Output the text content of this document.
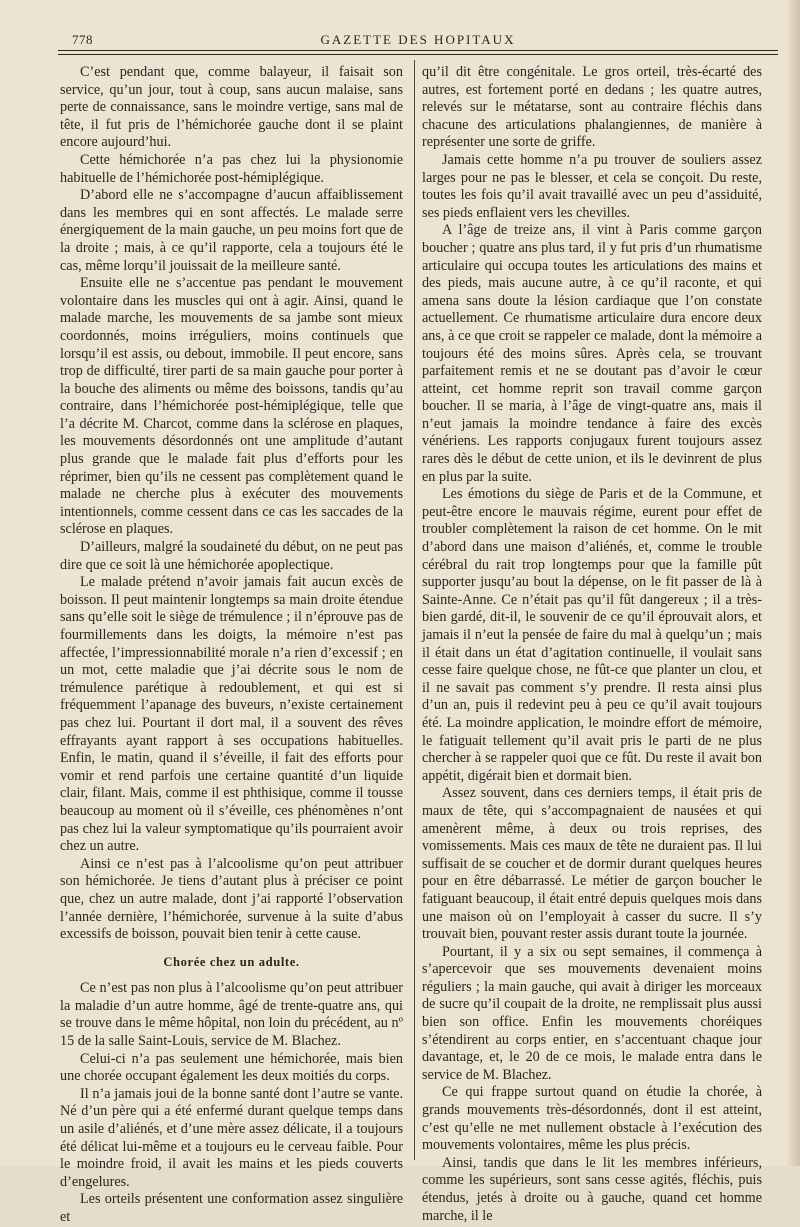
778	GAZETTE DES HOPITAUX

C’est pendant que, comme balayeur, il faisait son service, qu’un jour, tout à coup, sans aucun malaise, sans perte de connaissance, sans le moindre vertige, sans mal de tête, il fut pris de l’hémichorée gauche dont il se plaint encore aujourd’hui.

Cette hémichorée n’a pas chez lui la physionomie habituelle de l’hémichorée post-hémiplégique.

D’abord elle ne s’accompagne d’aucun affaiblissement dans les membres qui en sont affectés. Le malade serre énergiquement de la main gauche, un peu moins fort que de la droite ; mais, à ce qu’il rapporte, cela a toujours été le cas, même lorqu’il jouissait de la meilleure santé.

Ensuite elle ne s’accentue pas pendant le mouvement volontaire dans les muscles qui ont à agir. Ainsi, quand le malade marche, les mouvements de sa jambe sont mieux coordonnés, moins irréguliers, moins continuels que lorsqu’il est assis, ou debout, immobile. Il peut encore, sans trop de difficulté, tirer parti de sa main gauche pour porter à la bouche des aliments ou même des boissons, tandis qu’au contraire, dans l’hémichorée post-hémiplégique, telle que l’a décrite M. Charcot, comme dans la sclérose en plaques, les mouvements désordonnés ont une amplitude d’autant plus grande que le malade fait plus d’efforts pour les réprimer, bien qu’ils ne cessent pas complètement quand le malade ne cherche plus à exécuter des mouvements intentionnels, comme cessent dans ce cas les saccades de la sclérose en plaques.

D’ailleurs, malgré la soudaineté du début, on ne peut pas dire que ce soit là une hémichorée apoplectique.

Le malade prétend n’avoir jamais fait aucun excès de boisson. Il peut maintenir longtemps sa main droite étendue sans qu’elle soit le siège de trémulence ; il n’éprouve pas de fourmillements dans les doigts, la mémoire n’est pas affectée, l’impressionnabilité morale n’a rien d’excessif ; en un mot, cette maladie que j’ai décrite sous le nom de trémulence parétique à redoublement, et qui est si fréquemment l’apanage des buveurs, n’existe certainement pas chez lui. Pourtant il dort mal, il a souvent des rêves effrayants ayant rapport à ses occupations habituelles. Enfin, le matin, quand il s’éveille, il fait des efforts pour vomir et rend parfois une certaine quantité d’un liquide clair, filant. Mais, comme il est phthisique, comme il tousse beaucoup au moment où il s’éveille, ces phénomènes n’ont pas chez lui la valeur symptomatique qu’ils pourraient avoir chez un autre.

Ainsi ce n’est pas à l’alcoolisme qu’on peut attribuer son hémichorée. Je tiens d’autant plus à préciser ce point que, chez un autre malade, dont j’ai rapporté l’observation l’année dernière, l’hémichorée, survenue à la suite d’abus excessifs de boisson, pouvait bien tenir à cette cause.

Chorée chez un adulte.

Ce n’est pas non plus à l’alcoolisme qu’on peut attribuer la maladie d’un autre homme, âgé de trente-quatre ans, qui se trouve dans le même hôpital, non loin du précédent, au nº 15 de la salle Saint-Louis, service de M. Blachez.

Celui-ci n’a pas seulement une hémichorée, mais bien une chorée occupant également les deux moitiés du corps.

Il n’a jamais joui de la bonne santé dont l’autre se vante. Né d’un père qui a été enfermé durant quelque temps dans un asile d’aliénés, et d’une mère assez délicate, il a toujours été délicat lui-même et a toujours eu le cerveau faible. Pour le moindre froid, il avait les mains et les pieds couverts d’engelures.

Les orteils présentent une conformation assez singulière et

qu’il dit être congénitale. Le gros orteil, très-écarté des autres, est fortement porté en dedans ; les quatre autres, relevés sur le métatarse, sont au contraire fléchis dans chacune des articulations phalangiennes, de manière à représenter une sorte de griffe.

Jamais cette homme n’a pu trouver de souliers assez larges pour ne pas le blesser, et cela se conçoit. Du reste, toutes les fois qu’il avait travaillé avec un peu d’assiduité, ses pieds enflaient vers les chevilles.

A l’âge de treize ans, il vint à Paris comme garçon boucher ; quatre ans plus tard, il y fut pris d’un rhumatisme articulaire qui occupa toutes les articulations des mains et des pieds, mais aucune autre, à ce qu’il raconte, et qui amena sans doute la lésion cardiaque que l’on constate actuellement. Ce rhumatisme articulaire dura encore deux ans, à ce que croit se rappeler ce malade, dont la mémoire a toujours été des moins sûres. Après cela, se trouvant parfaitement remis et ne se doutant pas d’avoir le cœur atteint, cet homme reprit son travail comme garçon boucher. Il se maria, à l’âge de vingt-quatre ans, mais il n’eut jamais la moindre tendance à faire des excès vénériens. Les rapports conjugaux furent toujours assez rares dès le début de cette union, et ils le devinrent de plus en plus par la suite.

Les émotions du siège de Paris et de la Commune, et peut-être encore le mauvais régime, eurent pour effet de troubler complètement la raison de cet homme. On le mit d’abord dans une maison d’aliénés, et, comme le trouble cérébral du rait trop longtemps pour que la famille pût supporter jusqu’au bout la dépense, on le fit passer de là à Sainte-Anne. Ce n’était pas qu’il fût dangereux ; il a très-bien gardé, dit-il, le souvenir de ce qu’il éprouvait alors, et jamais il n’eut la pensée de faire du mal à quelqu’un ; mais il était dans un état d’agitation continuelle, il voulait sans cesse faire quelque chose, ne fût-ce que planter un clou, et il ne savait pas comment s’y prendre. Il resta ainsi plus d’un an, puis il redevint peu à peu ce qu’il avait toujours été. La moindre application, le moindre effort de mémoire, le fatiguait tellement qu’il avait pris le parti de ne plus chercher à se rappeler quoi que ce fût. Du reste il avait bon appétit, digérait bien et dormait bien.

Assez souvent, dans ces derniers temps, il était pris de maux de tête, qui s’accompagnaient de nausées et qui amenèrent même, à deux ou trois reprises, des vomissements. Mais ces maux de tête ne duraient pas. Il lui suffisait de se coucher et de dormir durant quelques heures pour en être débarrassé. Le métier de garçon boucher le fatiguant beaucoup, il était entré depuis quelques mois dans une maison où on l’employait à casser du sucre. Il s’y trouvait bien, pouvant rester assis durant toute la journée.

Pourtant, il y a six ou sept semaines, il commença à s’apercevoir que ses mouvements devenaient moins réguliers ; la main gauche, qui avait à diriger les morceaux de sucre qu’il coupait de la droite, ne remplissait plus aussi bien son office. Enfin les mouvements choréiques s’étendirent au corps entier, en s’accentuant chaque jour davantage, et, le 20 de ce mois, le malade entra dans le service de M. Blachez.

Ce qui frappe surtout quand on étudie la chorée, à grands mouvements très-désordonnés, dont il est atteint, c’est qu’elle ne met nullement obstacle à l’exécution des mouvements volontaires, même les plus précis.

Ainsi, tandis que dans le lit les membres inférieurs, comme les supérieurs, sont sans cesse agités, fléchis, puis étendus, jetés à droite ou à gauche, quand cet homme marche, il le
